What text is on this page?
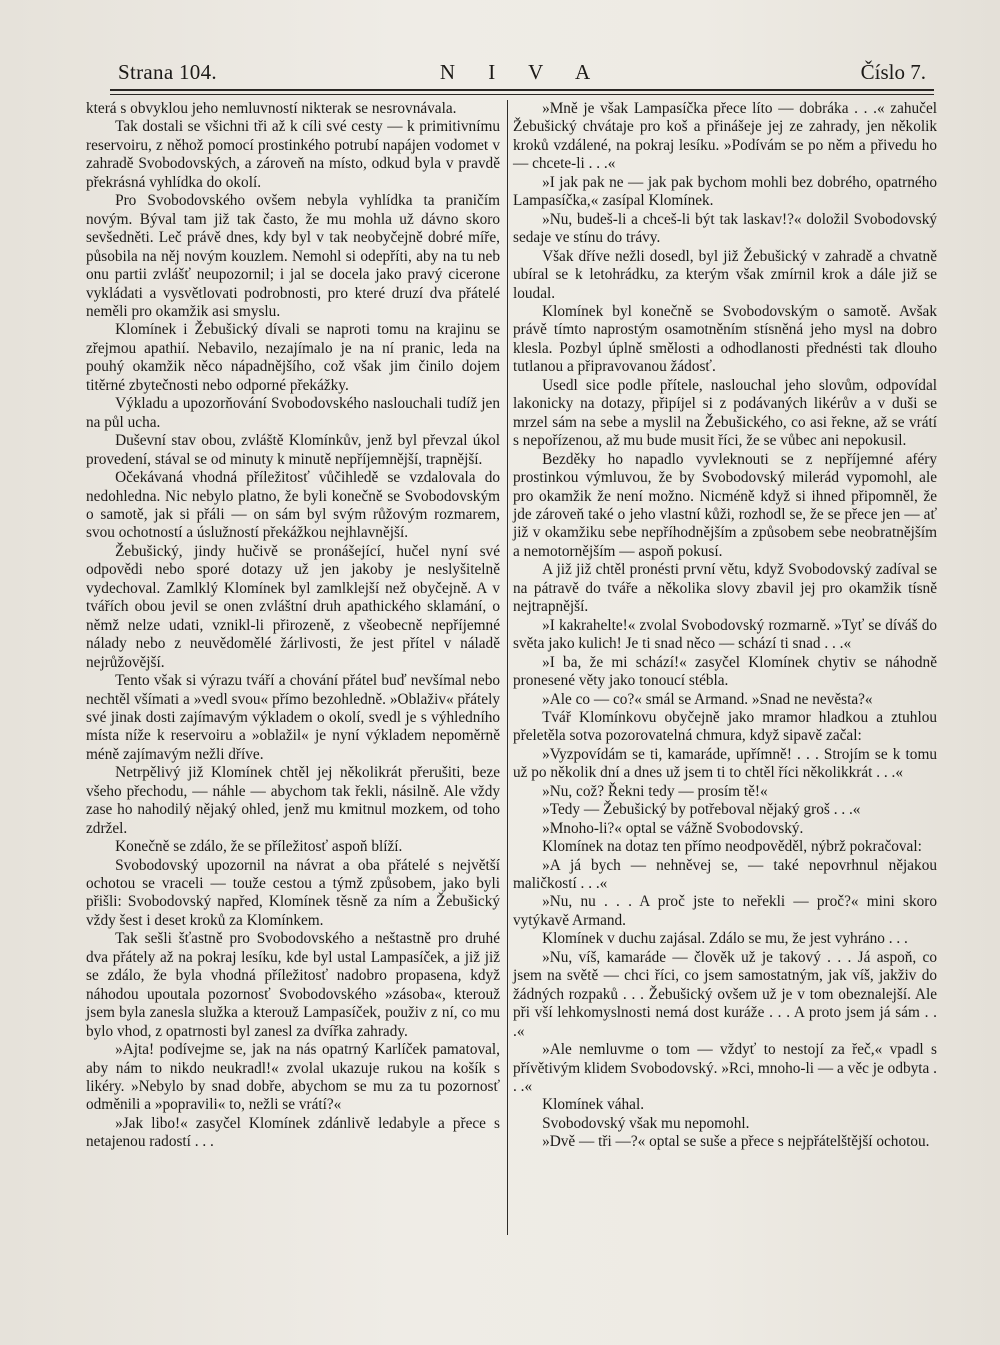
Strana 104.	N I V A	Číslo 7.

která s obvyklou jeho nemluvností nikterak se nesrovnávala.

Tak dostali se všichni tři až k cíli své cesty — k primitivnímu reservoiru, z něhož pomocí prostinkého potrubí napájen vodomet v zahradě Svobodovských, a zároveň na místo, odkud byla v pravdě překrásná vyhlídka do okolí.

Pro Svobodovského ovšem nebyla vyhlídka ta praničím novým. Býval tam již tak často, že mu mohla už dávno skoro sevšedněti. Leč právě dnes, kdy byl v tak neobyčejně dobré míře, působila na něj novým kouzlem. Nemohl si odepříti, aby na tu neb onu partii zvlášť neupozornil; i jal se docela jako pravý cicerone vykládati a vysvětlovati podrobnosti, pro které druzí dva přátelé neměli pro okamžik asi smyslu.

Klomínek i Žebušický dívali se naproti tomu na krajinu se zřejmou apathií. Nebavilo, nezajímalo je na ní pranic, leda na pouhý okamžik něco nápadnějšího, což však jim činilo dojem titěrné zbytečnosti nebo odporné překážky.

Výkladu a upozorňování Svobodovského naslouchali tudíž jen na půl ucha.

Duševní stav obou, zvláště Klomínkův, jenž byl převzal úkol provedení, stával se od minuty k minutě nepříjemnější, trapnější.

Očekávaná vhodná příležitosť vůčihledě se vzdalovala do nedohledna. Nic nebylo platno, že byli konečně se Svobodovským o samotě, jak si přáli — on sám byl svým růžovým rozmarem, svou ochotností a úslužností překážkou nejhlavnější.

Žebušický, jindy hučivě se pronášející, hučel nyní své odpovědi nebo sporé dotazy už jen jakoby je neslyšitelně vydechoval. Zamlklý Klomínek byl zamlklejší než obyčejně. A v tvářích obou jevil se onen zvláštní druh apathického sklamání, o němž nelze udati, vznikl-li přirozeně, z všeobecně nepříjemné nálady nebo z neuvědomělé žárlivosti, že jest přítel v náladě nejrůžovější.

Tento však si výrazu tváří a chování přátel buď nevšímal nebo nechtěl všímati a »vedl svou« přímo bezohledně. »Oblaživ« přátely své jinak dosti zajímavým výkladem o okolí, svedl je s výhledního místa níže k reservoiru a »oblažil« je nyní výkladem nepoměrně méně zajímavým nežli dříve.

Netrpělivý již Klomínek chtěl jej několikrát přerušiti, beze všeho přechodu, — náhle — abychom tak řekli, násilně. Ale vždy zase ho nahodilý nějaký ohled, jenž mu kmitnul mozkem, od toho zdržel.

Konečně se zdálo, že se příležitosť aspoň blíží.

Svobodovský upozornil na návrat a oba přátelé s největší ochotou se vraceli — touže cestou a týmž způsobem, jako byli přišli: Svobodovský napřed, Klomínek těsně za ním a Žebušický vždy šest i deset kroků za Klomínkem.

Tak sešli šťastně pro Svobodovského a neštastně pro druhé dva přátely až na pokraj lesíku, kde byl ustal Lampasíček, a již již se zdálo, že byla vhodná příležitosť nadobro propasena, když náhodou upoutala pozornosť Svobodovského »zásoba«, kterouž jsem byla zanesla služka a kterouž Lampasíček, použiv z ní, co mu bylo vhod, z opatrnosti byl zanesl za dvířka zahrady.

»Ajta! podívejme se, jak na nás opatrný Karlíček pamatoval, aby nám to nikdo neukradl!« zvolal ukazuje rukou na košík s likéry. »Nebylo by snad dobře, abychom se mu za tu pozornosť odměnili a »popravili« to, nežli se vrátí?«

»Jak libo!« zasyčel Klomínek zdánlivě ledabyle a přece s netajenou radostí . . .

»Mně je však Lampasíčka přece líto — dobráka . . .« zahučel Žebušický chvátaje pro koš a přinášeje jej ze zahrady, jen několik kroků vzdálené, na pokraj lesíku. »Podívám se po něm a přivedu ho — chcete-li . . .«

»I jak pak ne — jak pak bychom mohli bez dobrého, opatrného Lampasíčka,« zasípal Klomínek.

»Nu, budeš-li a chceš-li být tak laskav!?« doložil Svobodovský sedaje ve stínu do trávy.

Však dříve nežli dosedl, byl již Žebušický v zahradě a chvatně ubíral se k letohrádku, za kterým však zmírnil krok a dále již se loudal.

Klomínek byl konečně se Svobodovským o samotě. Avšak právě tímto naprostým osamotněním stísněná jeho mysl na dobro klesla. Pozbyl úplně smělosti a odhodlanosti přednésti tak dlouho tutlanou a připravovanou žádosť.

Usedl sice podle přítele, naslouchal jeho slovům, odpovídal lakonicky na dotazy, připíjel si z podávaných likérův a v duši se mrzel sám na sebe a myslil na Žebušického, co asi řekne, až se vrátí s nepořízenou, až mu bude musit říci, že se vůbec ani nepokusil.

Bezděky ho napadlo vyvleknouti se z nepříjemné aféry prostinkou výmluvou, že by Svobodovský milerád vypomohl, ale pro okamžik že není možno. Nicméně když si ihned připomněl, že jde zároveň také o jeho vlastní kůži, rozhodl se, že se přece jen — ať již v okamžiku sebe nepříhodnějším a způsobem sebe neobratnějším a nemotornějším — aspoň pokusí.

A již již chtěl pronésti první větu, když Svobodovský zadíval se na pátravě do tváře a několika slovy zbavil jej pro okamžik tísně nejtrapnější.

»I kakrahelte!« zvolal Svobodovský rozmarně. »Tyť se díváš do světa jako kulich! Je ti snad něco — schází ti snad . . .«

»I ba, že mi schází!« zasyčel Klomínek chytiv se náhodně pronesené věty jako tonoucí stébla.

»Ale co — co?« smál se Armand. »Snad ne nevěsta?«

Tvář Klomínkovu obyčejně jako mramor hladkou a ztuhlou přeletěla sotva pozorovatelná chmura, když sipavě začal:

»Vyzpovídám se ti, kamaráde, upřímně! . . . Strojím se k tomu už po několik dní a dnes už jsem ti to chtěl říci několikkrát . . .«

»Nu, což? Řekni tedy — prosím tě!«

»Tedy — Žebušický by potřeboval nějaký groš . . .«

»Mnoho-li?« optal se vážně Svobodovský.

Klomínek na dotaz ten přímo neodpověděl, nýbrž pokračoval:

»A já bych — nehněvej se, — také nepovrhnul nějakou maličkostí . . .«

»Nu, nu . . . A proč jste to neřekli — proč?« mini skoro vytýkavě Armand.

Klomínek v duchu zajásal. Zdálo se mu, že jest vyhráno . . .

»Nu, víš, kamaráde — člověk už je takový . . . Já aspoň, co jsem na světě — chci říci, co jsem samostatným, jak víš, jakživ do žádných rozpaků . . . Žebušický ovšem už je v tom obeznalejší. Ale při vší lehkomyslnosti nemá dost kuráže . . . A proto jsem já sám . . .«

»Ale nemluvme o tom — vždyť to nestojí za řeč,« vpadl s přívětivým klidem Svobodovský. »Rci, mnoho-li — a věc je odbyta . . .«

Klomínek váhal.

Svobodovský však mu nepomohl.

»Dvě — tři —?« optal se suše a přece s nejpřátelštější ochotou.
